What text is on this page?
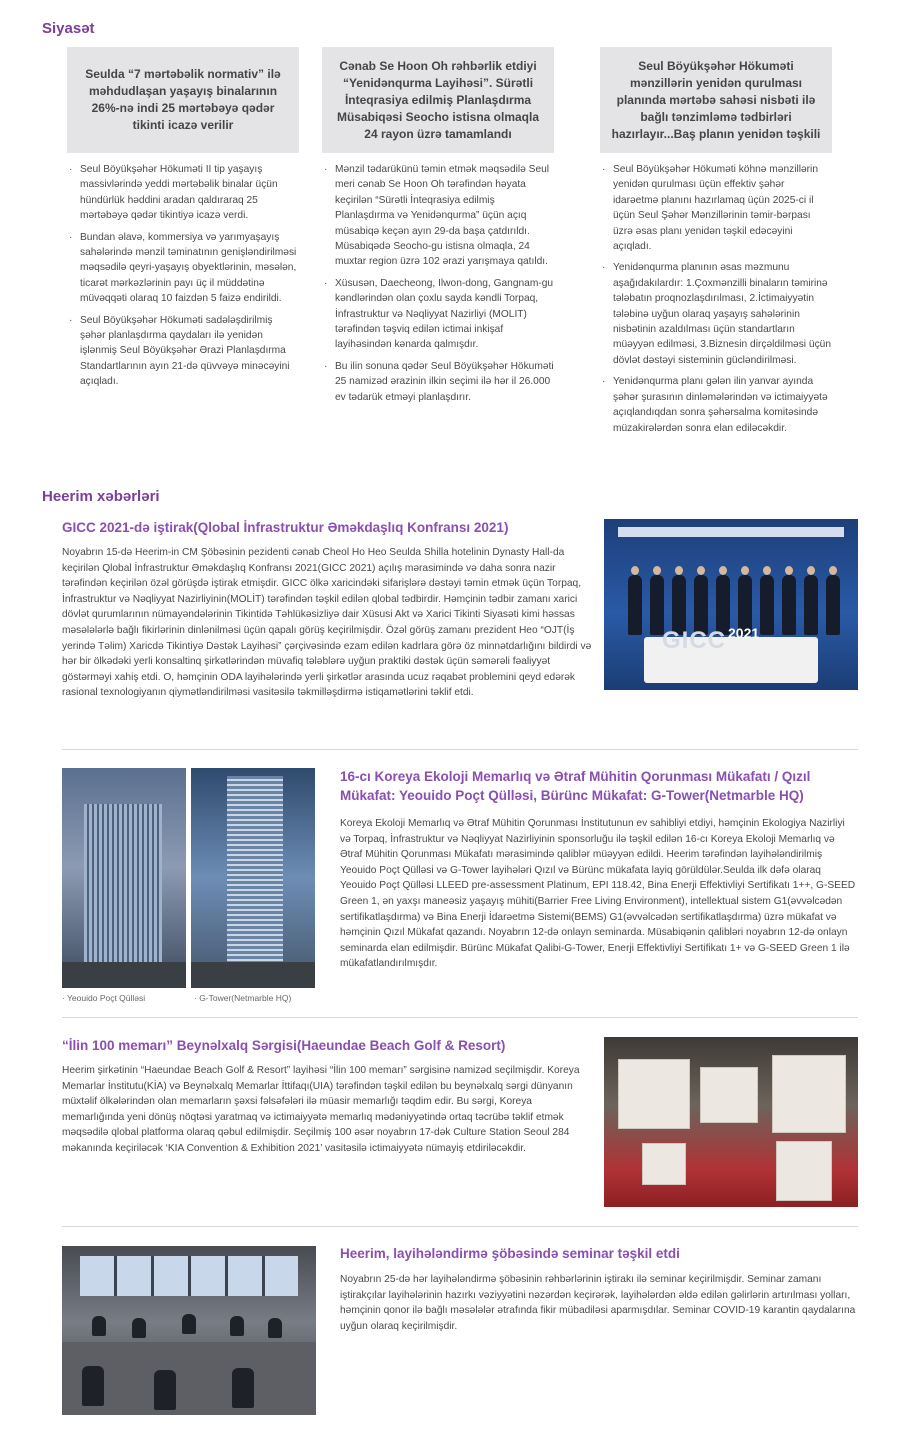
Siyasət
Seulda “7 mərtəbəlik normativ” ilə məhdudlaşan yaşayış binalarının 26%-nə indi 25 mərtəbəyə qədər tikinti icazə verilir
· Seul Böyükşəhər Hökuməti II tip yaşayış massivlərində yeddi mərtəbəlik binalar üçün hündürlük həddini aradan qaldıraraq 25 mərtəbəyə qədər tikintiyə icazə verdi.
· Bundan əlavə, kommersiya və yarımyaşayış sahələrində mənzil təminatının genişləndirilməsi məqsədilə qeyri-yaşayış obyektlərinin, məsələn, ticarət mərkəzlərinin payı üç il müddətinə müvəqqəti olaraq 10 faizdən 5 faizə endirildi.
· Seul Böyükşəhər Hökuməti sadələşdirilmiş şəhər planlaşdırma qaydaları ilə yenidən işlənmiş Seul Böyükşəhər Ərazi Planlaşdırma Standartlarının ayın 21-də qüvvəyə minəcəyini açıqladı.
Cənab Se Hoon Oh rəhbərlik etdiyi “Yenidənqurma Layihəsi”. Sürətli İnteqrasiya edilmiş Planlaşdırma Müsabiqəsi Seocho istisna olmaqla 24 rayon üzrə tamamlandı
· Mənzil tədarükünü təmin etmək məqsədilə Seul meri cənab Se Hoon Oh tərəfindən həyata keçirilən “Sürətli İnteqrasiya edilmiş Planlaşdırma və Yenidənqurma” üçün açıq müsabiqə keçən ayın 29-da başa çatdırıldı. Müsabiqədə Seocho-gu istisna olmaqla, 24 muxtar region üzrə 102 ərazi yarışmaya qatıldı.
· Xüsusən, Daecheong, Ilwon-dong, Gangnam-gu kəndlərindən olan çoxlu sayda kəndli Torpaq, İnfrastruktur və Nəqliyyat Nazirliyi (MOLIT) tərəfindən təşviq edilən ictimai inkişaf layihəsindən kənarda qalmışdır.
· Bu ilin sonuna qədər Seul Böyükşəhər Hökuməti 25 namizəd ərazinin ilkin seçimi ilə hər il 26.000 ev tədarük etməyi planlaşdırır.
Seul Böyükşəhər Hökuməti mənzillərin yenidən qurulması planında mərtəbə sahəsi nisbəti ilə bağlı tənzimləmə tədbirləri hazırlayır...Baş planın yenidən təşkili
· Seul Böyükşəhər Hökuməti köhnə mənzillərin yenidən qurulması üçün effektiv şəhər idarəetmə planını hazırlamaq üçün 2025-ci il üçün Seul Şəhər Mənzillərinin təmir-bərpası üzrə əsas planı yenidən təşkil edəcəyini açıqladı.
· Yenidənqurma planının əsas məzmunu aşağıdakılardır: 1.Çoxmənzilli binaların təmirinə tələbatın proqnozlaşdırılması, 2.İctimaiyyətin tələbinə uyğun olaraq yaşayış sahələrinin nisbətinin azaldılması üçün standartların müəyyən edilməsi, 3.Biznesin dirçəldilməsi üçün dövlət dəstəyi sisteminin gücləndirilməsi.
· Yenidənqurma planı gələn ilin yanvar ayında şəhər şurasının dinləmələrindən və ictimaiyyətə açıqlandıqdan sonra şəhərsalma komitəsində müzakirələrdən sonra elan ediləcəkdir.
Heerim xəbərləri
GICC 2021-də iştirak(Qlobal İnfrastruktur Əməkdaşlıq Konfransı 2021)
Noyabrın 15-də Heerim-in CM Şöbəsinin pezidenti cənab Cheol Ho Heo Seulda Shilla hotelinin Dynasty Hall-da keçirilən Qlobal İnfrastruktur Əməkdaşlıq Konfransı 2021(GICC 2021) açılış mərasimində və daha sonra nazir tərəfindən keçirilən özəl görüşdə iştirak etmişdir. GICC ölkə xaricindəki sifarişlərə dəstəyi təmin etmək üçün Torpaq, İnfrastruktur və Nəqliyyat Nazirliyinin(MOLİT) tərəfindən təşkil edilən qlobal tədbirdir. Həmçinin tədbir zamanı xarici dövlət qurumlarının nümayəndələrinin Tikintidə Təhlükəsizliyə dair Xüsusi Akt və Xarici Tikinti Siyasəti kimi həssas məsələlərlə bağlı fikirlərinin dinlənilməsi üçün qapalı görüş keçirilmişdir. Özəl görüş zamanı prezident Heo “OJT(İş yerində Təlim) Xaricdə Tikintiyə Dəstək Layihəsi” çərçivəsində ezam edilən kadrlara görə öz minnətdarlığını bildirdi və hər bir ölkədəki yerli konsaltinq şirkətlərindən müvafiq tələblərə uyğun praktiki dəstək üçün səmərəli fəaliyyət göstərməyi xahiş etdi. O, həmçinin ODA layihələrində yerli şirkətlər arasında ucuz rəqabət problemini qeyd edərək rasional texnologiyanın qiymətləndirilməsi vasitəsilə təkmilləşdirmə istiqamətlərini təklif etdi.
GICC 2021
· Yeouido Poçt Qülləsi	· G-Tower(Netmarble HQ)
16-cı Koreya Ekoloji Memarlıq və Ətraf Mühitin Qorunması Mükafatı / Qızıl Mükafat: Yeouido Poçt Qülləsi, Bürünc Mükafat: G-Tower(Netmarble HQ)
Koreya Ekoloji Memarlıq və Ətraf Mühitin Qorunması İnstitutunun ev sahibliyi etdiyi, həmçinin Ekologiya Nazirliyi və Torpaq, İnfrastruktur və Nəqliyyat Nazirliyinin sponsorluğu ilə təşkil edilən 16-cı Koreya Ekoloji Memarlıq və Ətraf Mühitin Qorunması Mükafatı mərasimində qaliblər müəyyən edildi. Heerim tərəfindən layihələndirilmiş Yeouido Poçt Qülləsi və G-Tower layihələri Qızıl və Bürünc mükafata layiq görüldülər.Seulda ilk dəfə olaraq Yeouido Poçt Qülləsi LLEED pre-assessment Platinum, EPI 118.42, Bina Enerji Effektivliyi Sertifikatı 1++, G-SEED Green 1, ən yaxşı maneəsiz yaşayış mühiti(Barrier Free Living Environment), intellektual sistem G1(əvvəlcədən sertifikatlaşdırma) və Bina Enerji İdarəetmə Sistemi(BEMS) G1(əvvəlcədən sertifikatlaşdırma) üzrə mükafat və həmçinin Qızıl Mükafat qazandı. Noyabrın 12-də onlayn seminarda. Müsabiqənin qalibləri noyabrın 12-də onlayn seminarda elan edilmişdir. Bürünc Mükafat Qalibi-G-Tower, Enerji Effektivliyi Sertifikatı 1+ və G-SEED Green 1 ilə mükafatlandırılmışdır.
“İlin 100 memarı” Beynəlxalq Sərgisi(Haeundae Beach Golf & Resort)
Heerim şirkətinin “Haeundae Beach Golf & Resort” layihəsi “İlin 100 memarı” sərgisinə namizəd seçilmişdir. Koreya Memarlar İnstitutu(KİA) və Beynəlxalq Memarlar İttifaqı(UIA) tərəfindən təşkil edilən bu beynəlxalq sərgi dünyanın müxtəlif ölkələrindən olan memarların şəxsi fəlsəfələri ilə müasir memarlığı təqdim edir. Bu sərgi, Koreya memarlığında yeni dönüş nöqtəsi yaratmaq və ictimaiyyətə memarlıq mədəniyyətində ortaq təcrübə təklif etmək məqsədilə qlobal platforma olaraq qəbul edilmişdir. Seçilmiş 100 əsər noyabrın 17-dək Culture Station Seoul 284 məkanında keçiriləcək ‘KIA Convention & Exhibition 2021’ vasitəsilə ictimaiyyətə nümayiş etdiriləcəkdir.
Heerim, layihələndirmə şöbəsində seminar təşkil etdi
Noyabrın 25-də hər layihələndirmə şöbəsinin rəhbərlərinin iştirakı ilə seminar keçirilmişdir. Seminar zamanı iştirakçılar layihələrinin hazırkı vəziyyətini nəzərdən keçirərək, layihələrdən əldə edilən gəlirlərin artırılması yolları, həmçinin qonor ilə bağlı məsələlər ətrafında fikir mübadiləsi aparmışdılar. Seminar COVID-19 karantin qaydalarına uyğun olaraq keçirilmişdir.
